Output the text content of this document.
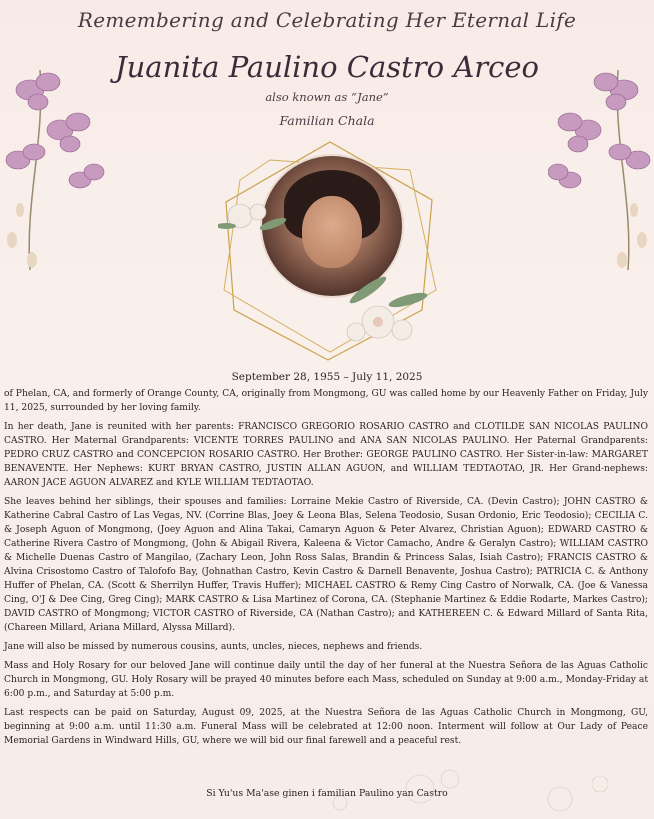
Remembering and Celebrating Her Eternal Life
Juanita Paulino Castro Arceo
also known as “Jane”
Familian Chala
September 28, 1955 – July 11, 2025

of Phelan, CA, and formerly of Orange County, CA, originally from Mongmong, GU was called home by our Heavenly Father on Friday, July 11, 2025, surrounded by her loving family.

In her death, Jane is reunited with her parents: FRANCISCO GREGORIO ROSARIO CASTRO and CLOTILDE SAN NICOLAS PAULINO CASTRO. Her Maternal Grandparents: VICENTE TORRES PAULINO and ANA SAN NICOLAS PAULINO. Her Paternal Grandparents: PEDRO CRUZ CASTRO and CONCEPCION ROSARIO CASTRO. Her Brother: GEORGE PAULINO CASTRO. Her Sister-in-law: MARGARET BENAVENTE. Her Nephews: KURT BRYAN CASTRO, JUSTIN ALLAN AGUON, and WILLIAM TEDTAOTAO, JR. Her Grand-nephews: AARON JACE AGUON ALVAREZ and KYLE WILLIAM TEDTAOTAO.

She leaves behind her siblings, their spouses and families: Lorraine Mekie Castro of Riverside, CA. (Devin Castro); JOHN CASTRO & Katherine Cabral Castro of Las Vegas, NV. (Corrine Blas, Joey & Leona Blas, Selena Teodosio, Susan Ordonio, Eric Teodosio); CECILIA C. & Joseph Aguon of Mongmong, (Joey Aguon and Alina Takai, Camaryn Aguon & Peter Alvarez, Christian Aguon); EDWARD CASTRO & Catherine Rivera Castro of Mongmong, (John & Abigail Rivera, Kaleena & Victor Camacho, Andre & Geralyn Castro); WILLIAM CASTRO & Michelle Duenas Castro of Mangilao, (Zachary Leon, John Ross Salas, Brandin & Princess Salas, Isiah Castro); FRANCIS CASTRO & Alvina Crisostomo Castro of Talofofo Bay, (Johnathan Castro, Kevin Castro & Darnell Benavente, Joshua Castro); PATRICIA C. & Anthony Huffer of Phelan, CA. (Scott & Sherrilyn Huffer, Travis Huffer); MICHAEL CASTRO & Remy Cing Castro of Norwalk, CA. (Joe & Vanessa Cing, O'J & Dee Cing, Greg Cing); MARK CASTRO & Lisa Martinez of Corona, CA. (Stephanie Martinez & Eddie Rodarte, Markes Castro); DAVID CASTRO of Mongmong; VICTOR CASTRO of Riverside, CA (Nathan Castro); and KATHEREEN C. & Edward Millard of Santa Rita, (Chareen Millard, Ariana Millard, Alyssa Millard).

Jane will also be missed by numerous cousins, aunts, uncles, nieces, nephews and friends.

Mass and Holy Rosary for our beloved Jane will continue daily until the day of her funeral at the Nuestra Señora de las Aguas Catholic Church in Mongmong, GU. Holy Rosary will be prayed 40 minutes before each Mass, scheduled on Sunday at 9:00 a.m., Monday-Friday at 6:00 p.m., and Saturday at 5:00 p.m.

Last respects can be paid on Saturday, August 09, 2025, at the Nuestra Señora de las Aguas Catholic Church in Mongmong, GU, beginning at 9:00 a.m. until 11:30 a.m. Funeral Mass will be celebrated at 12:00 noon. Interment will follow at Our Lady of Peace Memorial Gardens in Windward Hills, GU, where we will bid our final farewell and a peaceful rest.

Si Yu'us Ma'ase ginen i familian Paulino yan Castro
